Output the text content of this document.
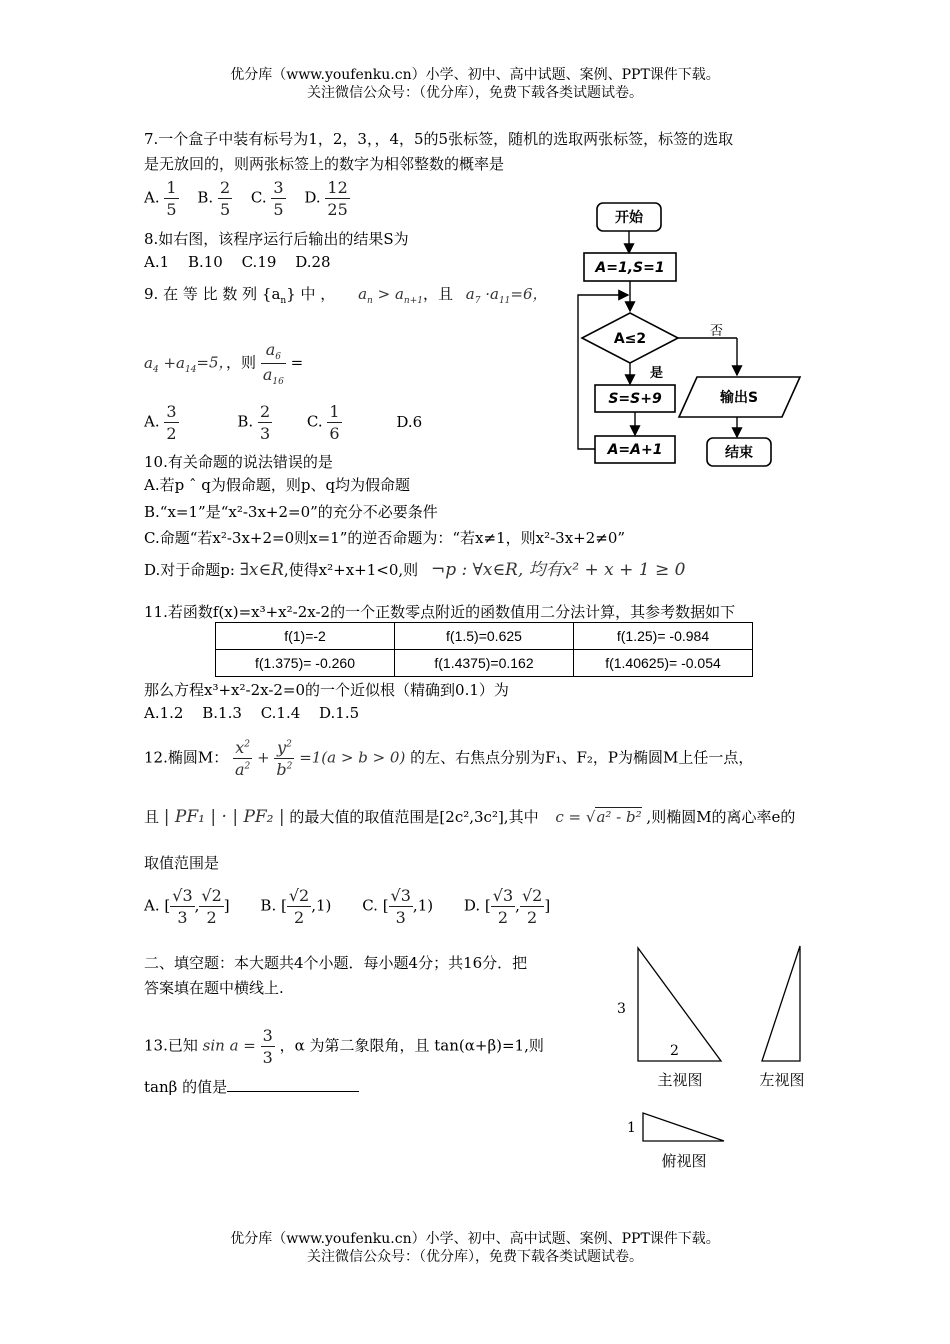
优分库（www.youfenku.cn）小学、初中、高中试题、案例、PPT课件下载。
关注微信公众号：（优分库），免费下载各类试题试卷。
7.一个盒子中装有标号为1，2，3，，4，5的5张标签，随机的选取两张标签，标签的选取
是无放回的，则两张标签上的数字为相邻整数的概率是
A. $\frac{1}{5} B$. $\frac{2}{5} C$. $\frac{3}{5} D$. $\frac{12}{25}$
8.如右图，该程序运行后输出的结果S为
A.1 B.10 C.19 D.28
开始
A=1,S=1
A≤2	否
是
S=S+9
A=A+1
输出S
结束
9. 在 等 比 数 列 $\{a_n\}$ 中 ， $a_n > a_{n+1}$，且 $a_7 \cdot a_{11}=6$，
$a_4 +a_{14}=5$，，则 $\frac{a_6}{a_{16}}$ =
A. $\frac{3}{2}$	B. $\frac{2}{3} C$. $\frac{1}{6}$	D.6
10.有关命题的说法错误的是
A.若p ˆ q为假命题，则p、q均为假命题
B.“x=1”是“x²-3x+2=0”的充分不必要条件
C.命题“若x²-3x+2=0则x=1”的逆否命题为：“若x≠1，则x²-3x+2≠0”
D.对于命题p: ∃x∈R,使得x²+x+1<0,则 ¬p : ∀x∈R, 均有x² + x + 1 ≥ 0
11.若函数f(x)=x³+x²-2x-2的一个正数零点附近的函数值用二分法计算，其参考数据如下
f(1)=-2	f(1.5)=0.625	f(1.25)= -0.984
f(1.375)= -0.260	f(1.4375)=0.162	f(1.40625)= -0.054
那么方程x³+x²-2x-2=0的一个近似根（精确到0.1）为
A.1.2 B.1.3 C.1.4 D.1.5
12.椭圆M： $\frac{x^2}{a^2} + \frac{y^2}{b^2} =1(a > b > 0)$ 的左、右焦点分别为F₁、F₂，P为椭圆M上任一点，
且 | PF₁ | · | PF₂ | 的最大值的取值范围是[2c²,3c²],其中 c = √a² - b² ,则椭圆M的离心率e的
取值范围是
A. [ $\frac{√3}{3}$ , $\frac{√2}{2}$ ] B. [ $\frac{√2}{2} ,1$) C. [ $\frac{√3}{3} ,1$) D. [ $\frac{√3}{2}$ , $\frac{√2}{2}$ ]
二、填空题：本大题共4个小题．每小题4分；共16分．把
答案填在题中横线上.
13.已知 $\sin a = \frac{3}{3}$ ，α 为第二象限角，且 tan(α+β)=1,则
tanβ 的值是
3
2
主视图	左视图
1
俯视图
优分库（www.youfenku.cn）小学、初中、高中试题、案例、PPT课件下载。
关注微信公众号：（优分库），免费下载各类试题试卷。
